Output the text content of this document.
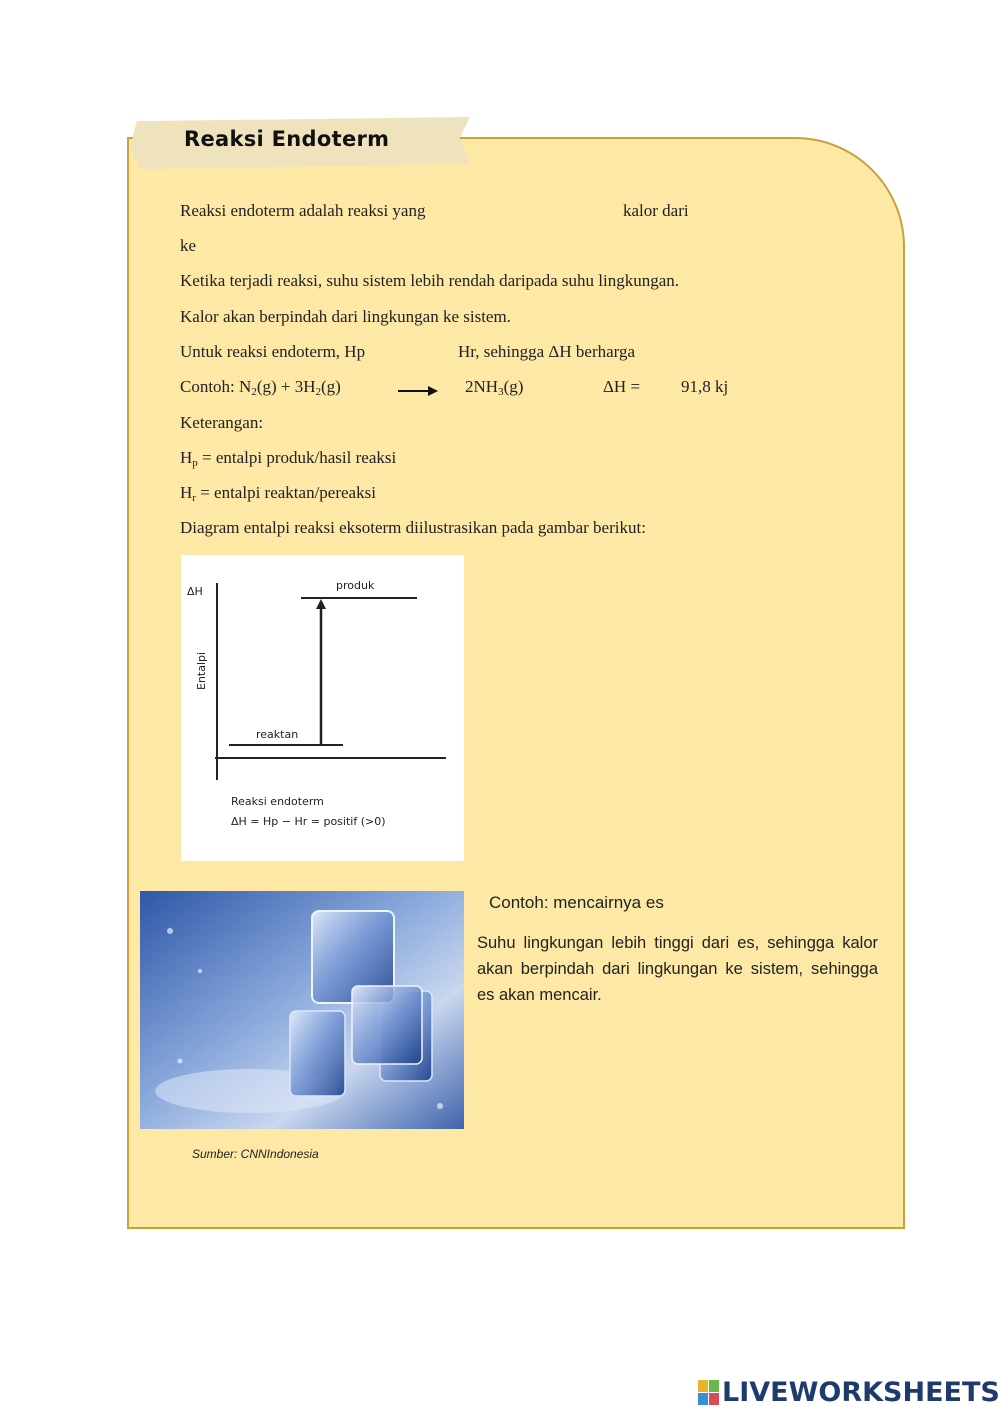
Reaksi Endoterm
Reaksi endoterm adalah reaksi yang	kalor dari
ke
Ketika terjadi reaksi, suhu sistem lebih rendah daripada suhu lingkungan.
Kalor akan berpindah dari lingkungan ke sistem.
Untuk reaksi endoterm, Hp	Hr, sehingga ΔH berharga
Contoh: $N_2(g) + 3H_2(g)$	$2NH_3(g)$	ΔH = 91,8 kj
Keterangan:
$H_p$ = entalpi produk/hasil reaksi
$H_r$ = entalpi reaktan/pereaksi
Diagram entalpi reaksi eksoterm diilustrasikan pada gambar berikut:
ΔH
Entalpi
produk
reaktan
Reaksi endoterm
ΔH = Hp − Hr = positif (>0)
Sumber: CNNIndonesia
Contoh: mencairnya es
Suhu lingkungan lebih tinggi dari es, sehingga kalor akan berpindah dari lingkungan ke sistem, sehingga es akan mencair.
LIVEWORKSHEETS
